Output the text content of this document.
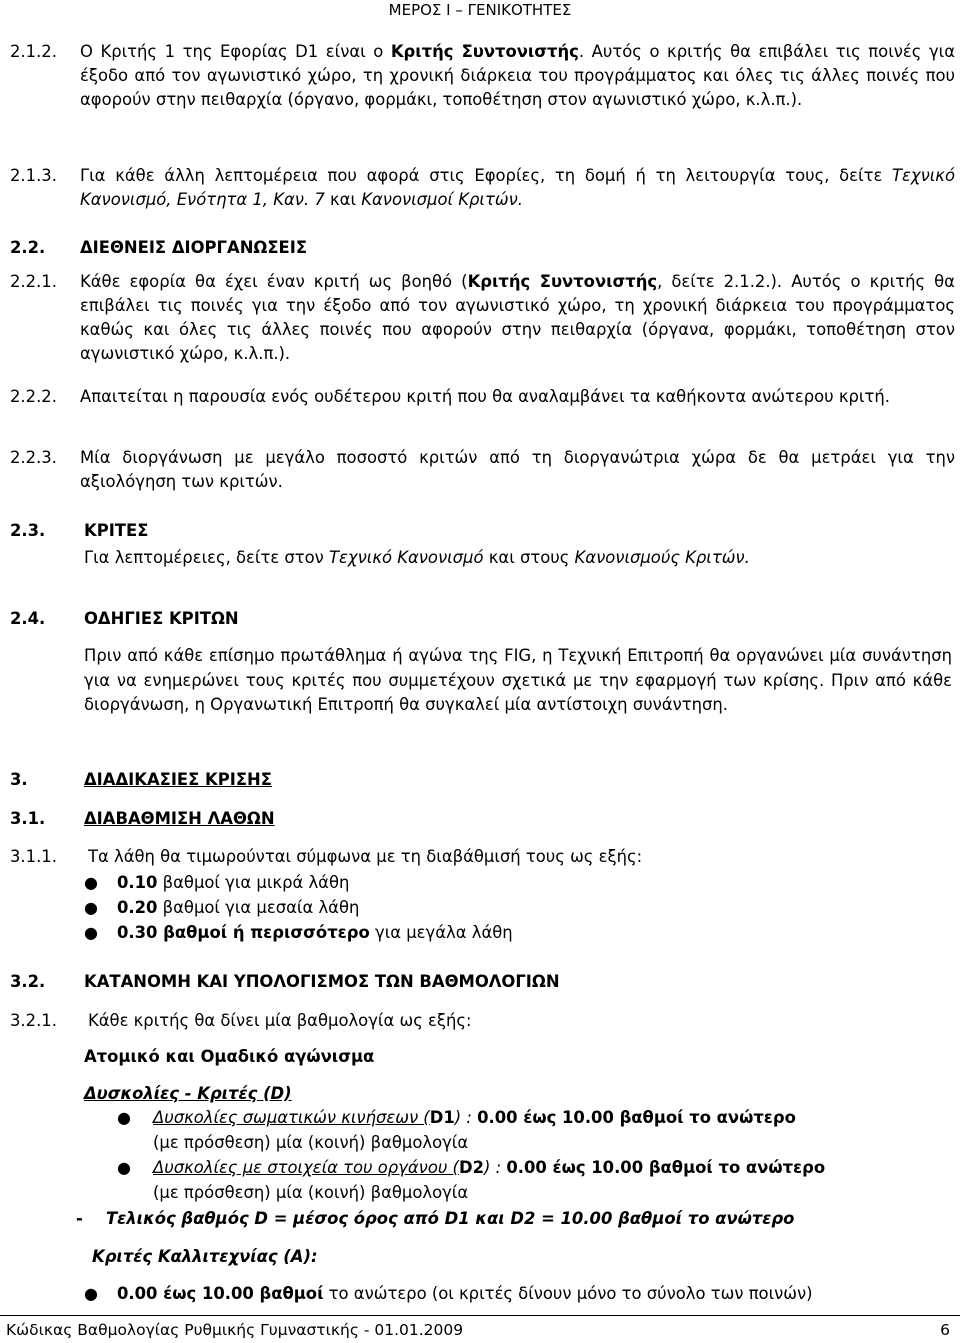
ΜΕΡΟΣ Ι – ΓΕΝΙΚΟΤΗΤΕΣ
2.1.2. Ο Κριτής 1 της Εφορίας D1 είναι ο Κριτής Συντονιστής. Αυτός ο κριτής θα επιβάλει τις ποινές για έξοδο από τον αγωνιστικό χώρο, τη χρονική διάρκεια του προγράμματος και όλες τις άλλες ποινές που αφορούν στην πειθαρχία (όργανο, φορμάκι, τοποθέτηση στον αγωνιστικό χώρο, κ.λ.π.).

2.1.3. Για κάθε άλλη λεπτομέρεια που αφορά στις Εφορίες, τη δομή ή τη λειτουργία τους, δείτε Τεχνικό Κανονισμό, Ενότητα 1, Καν. 7 και Κανονισμοί Κριτών.

2.2. ΔΙΕΘΝΕΙΣ ΔΙΟΡΓΑΝΩΣΕΙΣ
2.2.1. Κάθε εφορία θα έχει έναν κριτή ως βοηθό (Κριτής Συντονιστής, δείτε 2.1.2.). Αυτός ο κριτής θα επιβάλει τις ποινές για την έξοδο από τον αγωνιστικό χώρο, τη χρονική διάρκεια του προγράμματος καθώς και όλες τις άλλες ποινές που αφορούν στην πειθαρχία (όργανα, φορμάκι, τοποθέτηση στον αγωνιστικό χώρο, κ.λ.π.).

2.2.2. Απαιτείται η παρουσία ενός ουδέτερου κριτή που θα αναλαμβάνει τα καθήκοντα ανώτερου κριτή.

2.2.3. Μία διοργάνωση με μεγάλο ποσοστό κριτών από τη διοργανώτρια χώρα δε θα μετράει για την αξιολόγηση των κριτών.

2.3. ΚΡΙΤΕΣ
Για λεπτομέρειες, δείτε στον Τεχνικό Κανονισμό και στους Κανονισμούς Κριτών.
2.4. ΟΔΗΓΙΕΣ ΚΡΙΤΩΝ

Πριν από κάθε επίσημο πρωτάθλημα ή αγώνα της FIG, η Τεχνική Επιτροπή θα οργανώνει μία συνάντηση για να ενημερώνει τους κριτές που συμμετέχουν σχετικά με την εφαρμογή των κρίσης. Πριν από κάθε διοργάνωση, η Οργανωτική Επιτροπή θα συγκαλεί μία αντίστοιχη συνάντηση.

3.	ΔΙΑΔΙΚΑΣΙΕΣ ΚΡΙΣΗΣ
3.1. ΔΙΑΒΑΘΜΙΣΗ ΛΑΘΩΝ
3.1.1. Τα λάθη θα τιμωρούνται σύμφωνα με τη διαβάθμισή τους ως εξής:
● 0.10 βαθμοί για μικρά λάθη
● 0.20 βαθμοί για μεσαία λάθη
● 0.30 βαθμοί ή περισσότερο για μεγάλα λάθη
3.2. ΚΑΤΑΝΟΜΗ ΚΑΙ ΥΠΟΛΟΓΙΣΜΟΣ ΤΩΝ ΒΑΘΜΟΛΟΓΙΩΝ
3.2.1. Κάθε κριτής θα δίνει μία βαθμολογία ως εξής:
Ατομικό και Ομαδικό αγώνισμα
Δυσκολίες - Κριτές (D)
● Δυσκολίες σωματικών κινήσεων (D1) : 0.00 έως 10.00 βαθμοί το ανώτερο
(με πρόσθεση) μία (κοινή) βαθμολογία
● Δυσκολίες με στοιχεία του οργάνου (D2) : 0.00 έως 10.00 βαθμοί το ανώτερο
(με πρόσθεση) μία (κοινή) βαθμολογία
- Τελικός βαθμός D = μέσος όρος από D1 και D2 = 10.00 βαθμοί το ανώτερο
Κριτές Καλλιτεχνίας (Α):
● 0.00 έως 10.00 βαθμοί το ανώτερο (οι κριτές δίνουν μόνο το σύνολο των ποινών)
Κώδικας Βαθμολογίας Ρυθμικής Γυμναστικής - 01.01.2009	6
